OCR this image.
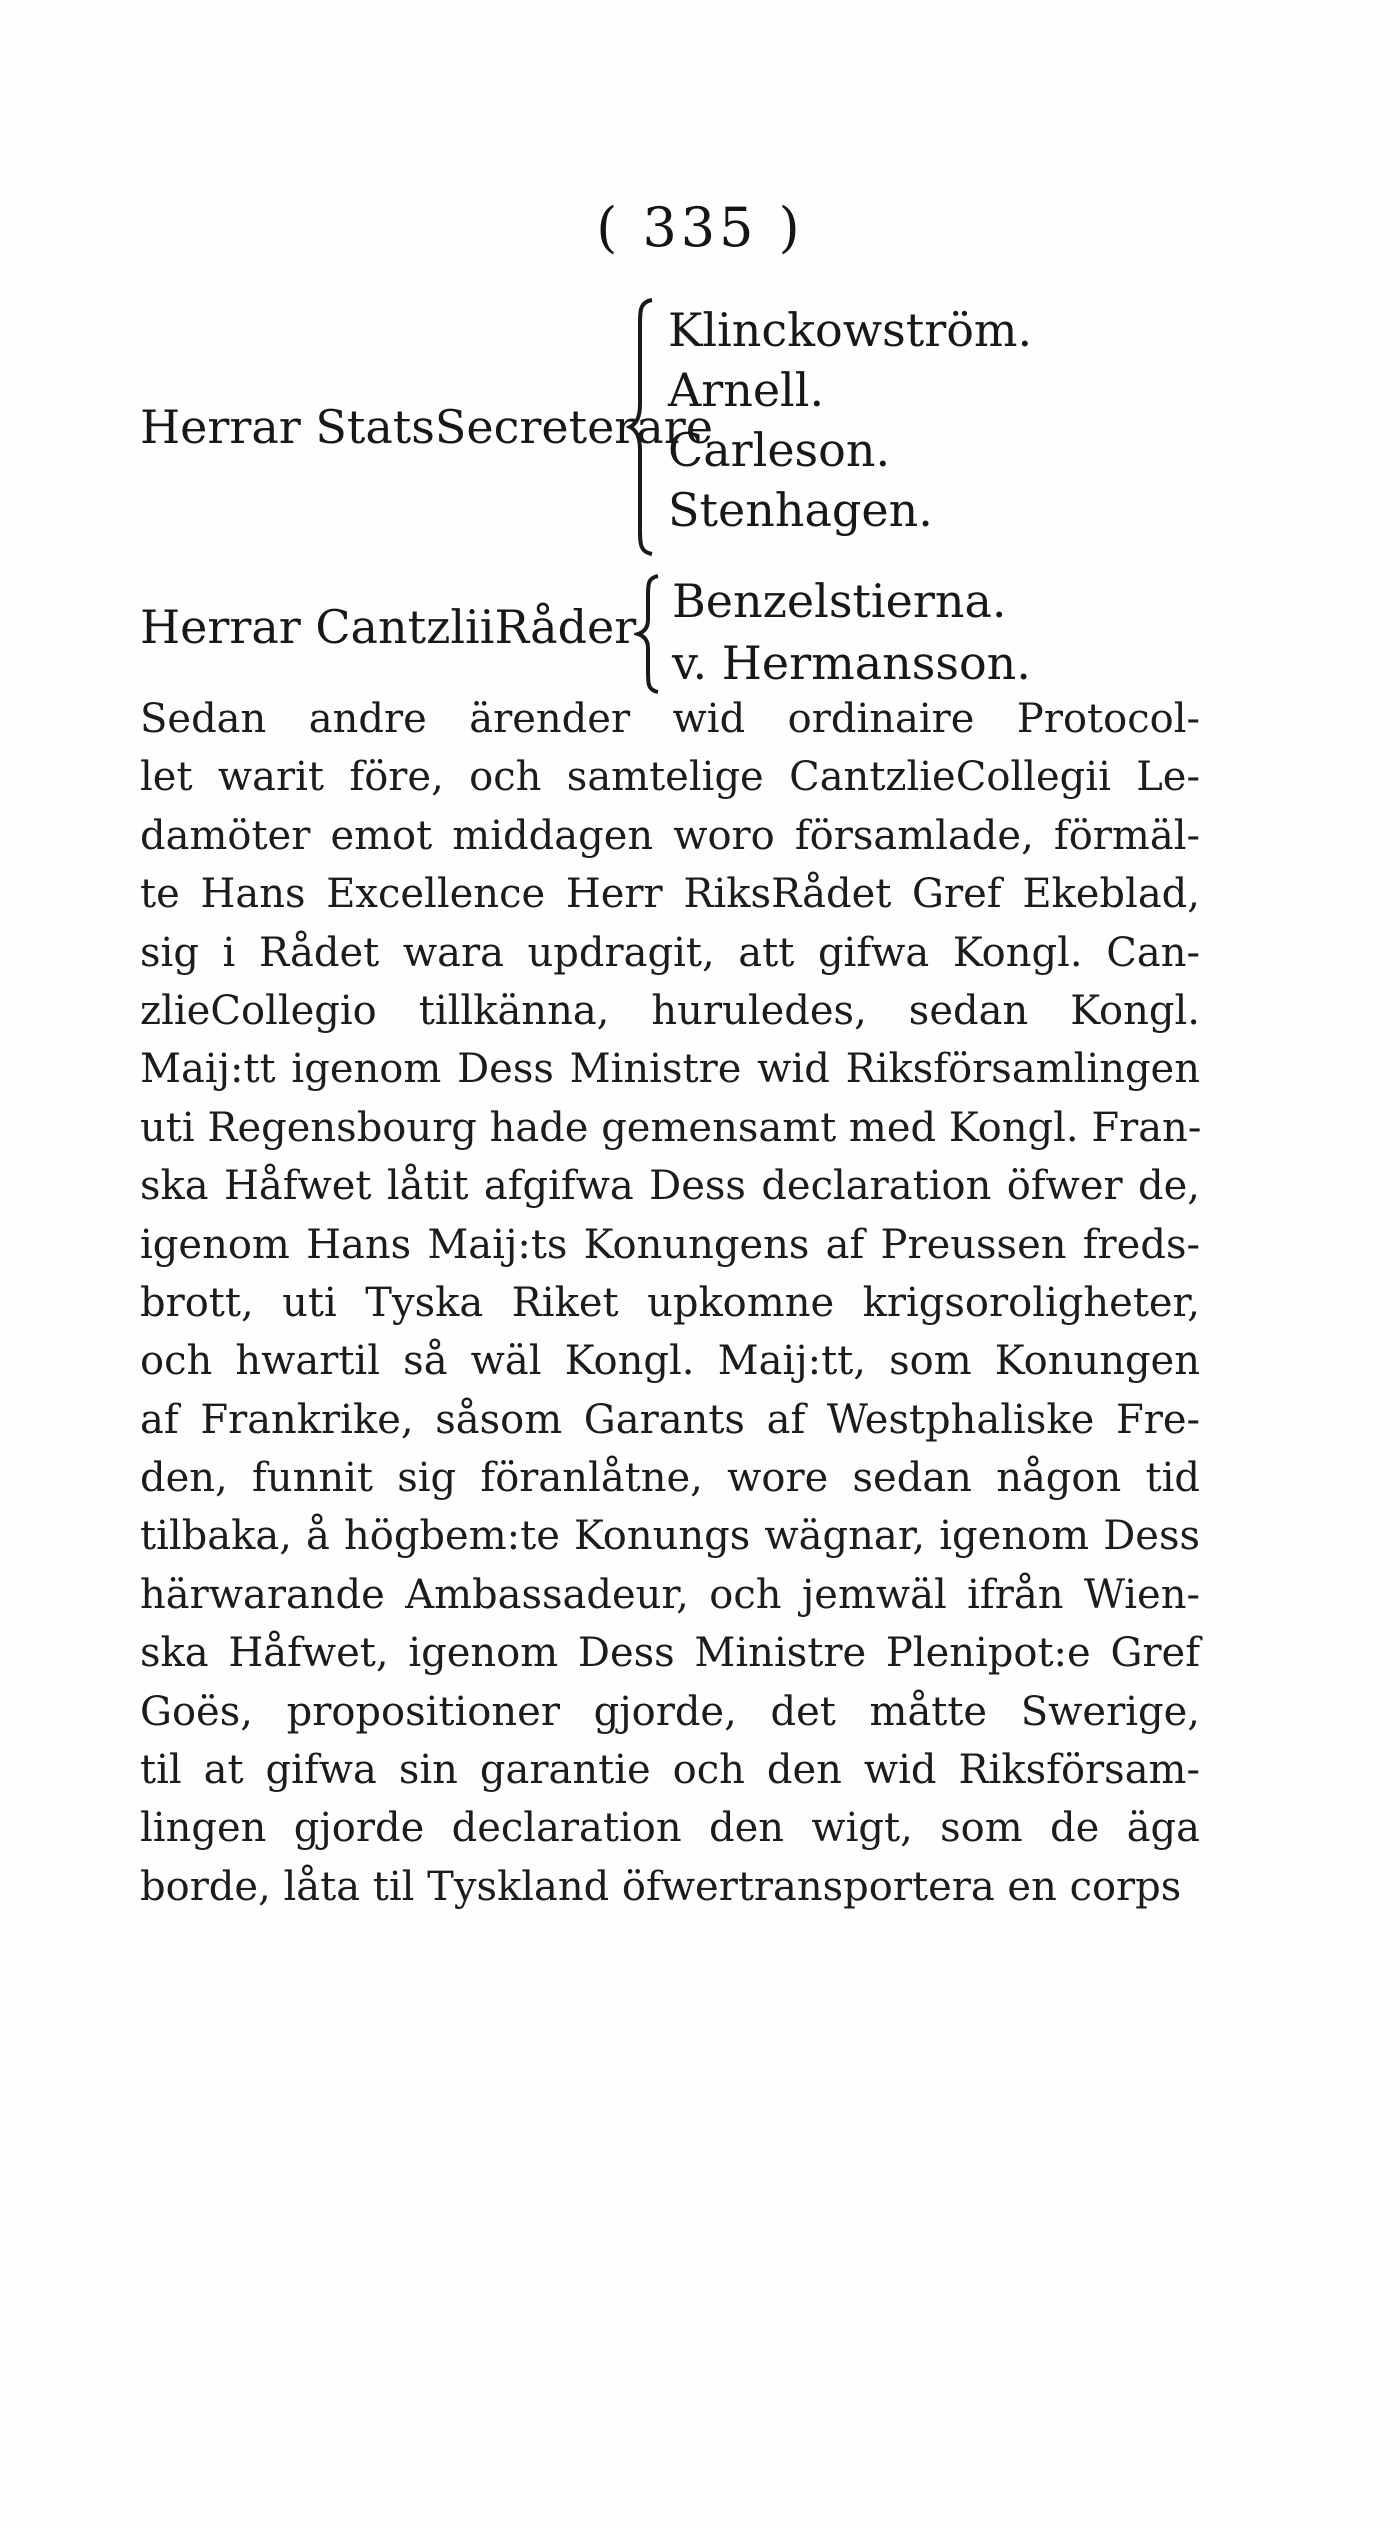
( 335 )
Herrar StatsSecreterare
Klinckowström.
Arnell.
Carleson.
Stenhagen.
Herrar CantzliiRåder Benzelstierna.
v. Hermansson.
Sedan andre ärender wid ordinaire Protocol-
let warit före, och samtelige CantzlieCollegii Le-
damöter emot middagen woro församlade, förmäl-
te Hans Excellence Herr RiksRådet Gref Ekeblad,
sig i Rådet wara updragit, att gifwa Kongl. Can-
zlieCollegio tillkänna, huruledes, sedan Kongl.
Maij:tt igenom Dess Ministre wid Riksförsamlingen
uti Regensbourg hade gemensamt med Kongl. Fran-
ska Håfwet låtit afgifwa Dess declaration öfwer de,
igenom Hans Maij:ts Konungens af Preussen freds-
brott, uti Tyska Riket upkomne krigsoroligheter,
och hwartil så wäl Kongl. Maij:tt, som Konungen
af Frankrike, såsom Garants af Westphaliske Fre-
den, funnit sig föranlåtne, wore sedan någon tid
tilbaka, å högbem:te Konungs wägnar, igenom Dess
härwarande Ambassadeur, och jemwäl ifrån Wien-
ska Håfwet, igenom Dess Ministre Plenipot:e Gref
Goës, propositioner gjorde, det måtte Swerige,
til at gifwa sin garantie och den wid Riksförsam-
lingen gjorde declaration den wigt, som de äga
borde, låta til Tyskland öfwertransportera en corps
